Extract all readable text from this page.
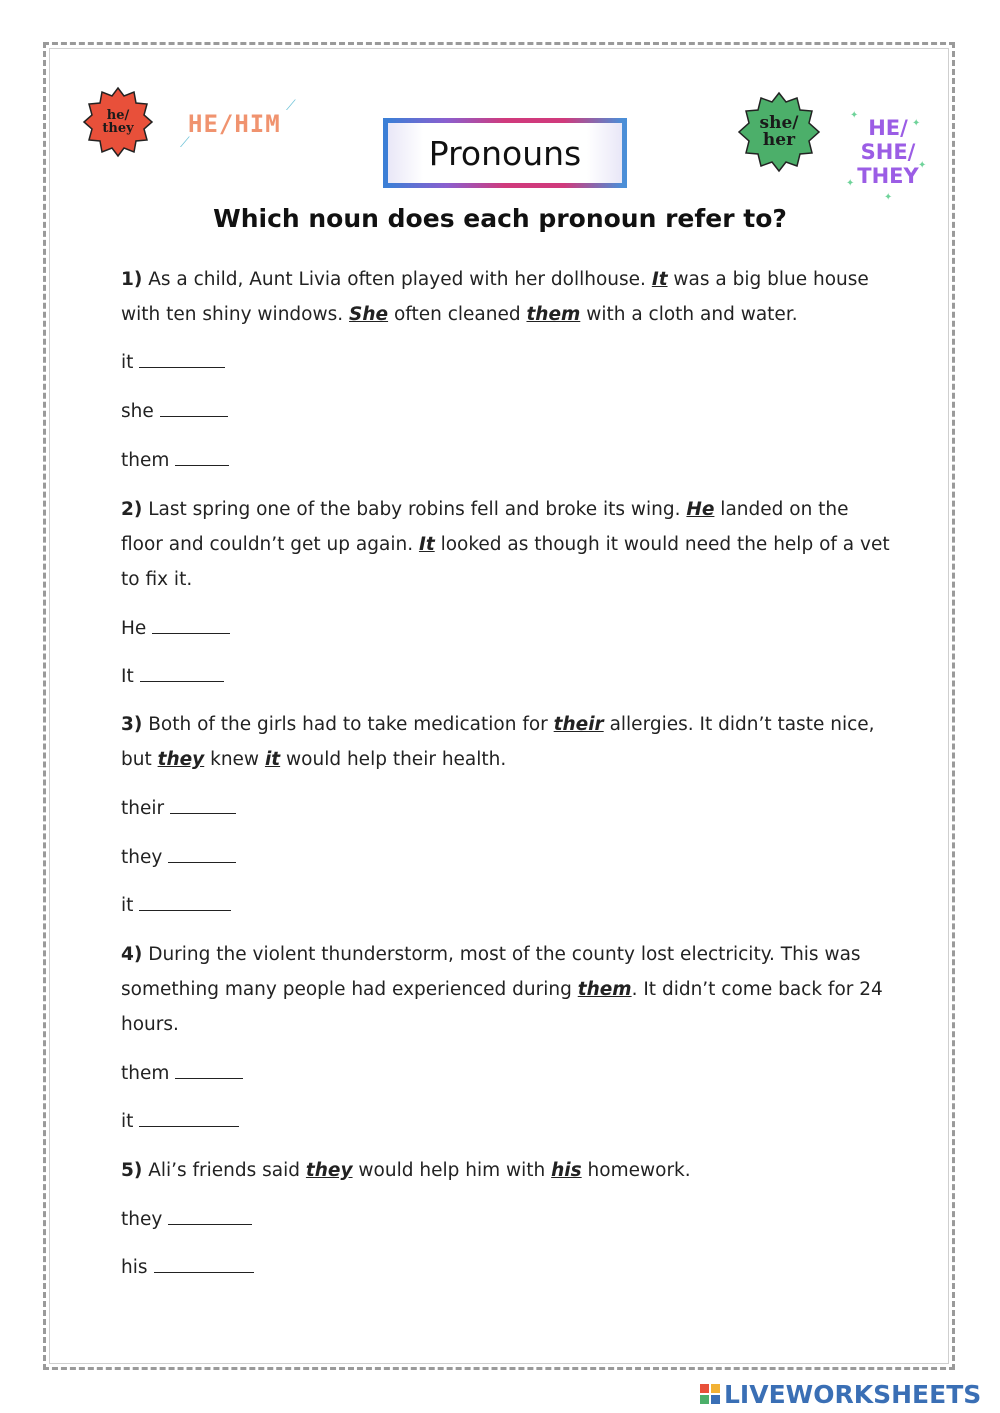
he/
they HE/HIM
⟋
⟋
Pronouns
she/
her	HE/
SHE/
THEY
✦
✦
✦
✦
✦
Which noun does each pronoun refer to?
1) As a child, Aunt Livia often played with her dollhouse. It was a big blue house with ten shiny windows. She often cleaned them with a cloth and water.
it
she
them
2) Last spring one of the baby robins fell and broke its wing. He landed on the floor and couldn’t get up again. It looked as though it would need the help of a vet to fix it.
He
It
3) Both of the girls had to take medication for their allergies. It didn’t taste nice, but they knew it would help their health.
their
they
it
4) During the violent thunderstorm, most of the county lost electricity. This was something many people had experienced during them. It didn’t come back for 24 hours.
them
it
5) Ali’s friends said they would help him with his homework.
they
his
LIVEWORKSHEETS
